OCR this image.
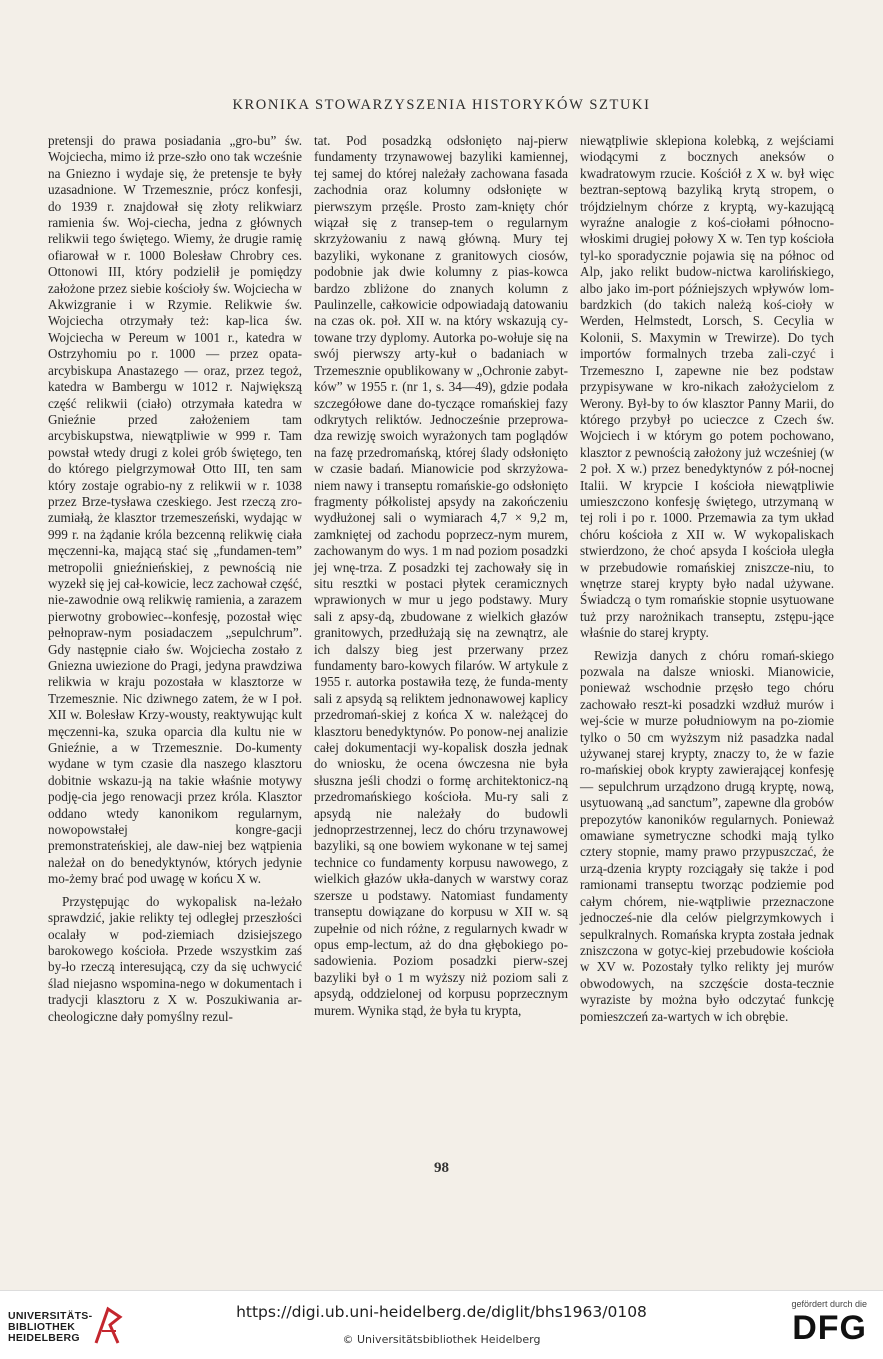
KRONIKA STOWARZYSZENIA HISTORYKÓW SZTUKI

pretensji do prawa posiadania „gro-bu” św. Wojciecha, mimo iż prze-szło ono tak wcześnie na Gniezno i wydaje się, że pretensje te były uzasadnione. W Trzemesznie, prócz konfesji, do 1939 r. znajdował się złoty relikwiarz ramienia św. Woj-ciecha, jedna z głównych relikwii tego świętego. Wiemy, że drugie ramię ofiarował w r. 1000 Bolesław Chrobry ces. Ottonowi III, który podzielił je pomiędzy założone przez siebie kościoły św. Wojciecha w Akwizgranie i w Rzymie. Relikwie św. Wojciecha otrzymały też: kap-lica św. Wojciecha w Pereum w 1001 r., katedra w Ostrzyhomiu po r. 1000 — przez opata-arcybiskupa Anastazego — oraz, przez tegoż, katedra w Bambergu w 1012 r. Największą część relikwii (ciało) otrzymała katedra w Gnieźnie przed założeniem tam arcybiskupstwa, niewątpliwie w 999 r. Tam powstał wtedy drugi z kolei grób świętego, ten do którego pielgrzymował Otto III, ten sam który zostaje ograbio-ny z relikwii w r. 1038 przez Brze-tysława czeskiego. Jest rzeczą zro-zumiałą, że klasztor trzemeszeński, wydając w 999 r. na żądanie króla bezcenną relikwię ciała męczenni-ka, mającą stać się „fundamen-tem” metropolii gnieźnieńskiej, z pewnością nie wyzekł się jej cał-kowicie, lecz zachował część, nie-zawodnie ową relikwię ramienia, a zarazem pierwotny grobowiec--konfesję, pozostał więc pełnopraw-nym posiadaczem „sepulchrum”. Gdy następnie ciało św. Wojciecha zostało z Gniezna uwiezione do Pragi, jedyna prawdziwa relikwia w kraju pozostała w klasztorze w Trzemesznie. Nic dziwnego zatem, że w I poł. XII w. Bolesław Krzy-wousty, reaktywując kult męczenni-ka, szuka oparcia dla kultu nie w Gnieźnie, a w Trzemesznie. Do-kumenty wydane w tym czasie dla naszego klasztoru dobitnie wskazu-ją na takie właśnie motywy podję-cia jego renowacji przez króla. Klasztor oddano wtedy kanonikom regularnym, nowopowstałej kongre-gacji premonstrateńskiej, ale daw-niej bez wątpienia należał on do benedyktynów, których jedynie mo-żemy brać pod uwagę w końcu X w.

Przystępując do wykopalisk na-leżało sprawdzić, jakie relikty tej odległej przeszłości ocalały w pod-ziemiach dzisiejszego barokowego kościoła. Przede wszystkim zaś by-ło rzeczą interesującą, czy da się uchwycić ślad niejasno wspomina-nego w dokumentach i tradycji klasztoru z X w. Poszukiwania ar-cheologiczne dały pomyślny rezul-

tat. Pod posadzką odsłonięto naj-pierw fundamenty trzynawowej bazyliki kamiennej, tej samej do której należały zachowana fasada zachodnia oraz kolumny odsłonięte w pierwszym przęśle. Prosto zam-knięty chór wiązał się z transep-tem o regularnym skrzyżowaniu z nawą główną. Mury tej bazyliki, wykonane z granitowych ciosów, podobnie jak dwie kolumny z pias-kowca bardzo zbliżone do znanych kolumn z Paulinzelle, całkowicie odpowiadają datowaniu na czas ok. poł. XII w. na który wskazują cy-towane trzy dyplomy. Autorka po-wołuje się na swój pierwszy arty-kuł o badaniach w Trzemesznie opublikowany w „Ochronie zabyt-ków” w 1955 r. (nr 1, s. 34—49), gdzie podała szczegółowe dane do-tyczące romańskiej fazy odkrytych reliktów. Jednocześnie przeprowa-dza rewizję swoich wyrażonych tam poglądów na fazę przedromańską, której ślady odsłonięto w czasie badań. Mianowicie pod skrzyżowa-niem nawy i transeptu romańskie-go odsłonięto fragmenty półkolistej apsydy na zakończeniu wydłużonej sali o wymiarach 4,7 × 9,2 m, zamkniętej od zachodu poprzecz-nym murem, zachowanym do wys. 1 m nad poziom posadzki jej wnę-trza. Z posadzki tej zachowały się in situ resztki w postaci płytek ceramicznych wprawionych w mur u jego podstawy. Mury sali z apsy-dą, zbudowane z wielkich głazów granitowych, przedłużają się na zewnątrz, ale ich dalszy bieg jest przerwany przez fundamenty baro-kowych filarów. W artykule z 1955 r. autorka postawiła tezę, że funda-menty sali z apsydą są reliktem jednonawowej kaplicy przedromań-skiej z końca X w. należącej do klasztoru benedyktynów. Po ponow-nej analizie całej dokumentacji wy-kopalisk doszła jednak do wniosku, że ocena ówczesna nie była słuszna jeśli chodzi o formę architektonicz-ną przedromańskiego kościoła. Mu-ry sali z apsydą nie należały do budowli jednoprzestrzennej, lecz do chóru trzynawowej bazyliki, są one bowiem wykonane w tej samej technice co fundamenty korpusu nawowego, z wielkich głazów ukła-danych w warstwy coraz szersze u podstawy. Natomiast fundamenty transeptu dowiązane do korpusu w XII w. są zupełnie od nich różne, z regularnych kwadr w opus emp-lectum, aż do dna głębokiego po-sadowienia. Poziom posadzki pierw-szej bazyliki był o 1 m wyższy niż poziom sali z apsydą, oddzielonej od korpusu poprzecznym murem. Wynika stąd, że była tu krypta,

niewątpliwie sklepiona kolebką, z wejściami wiodącymi z bocznych aneksów o kwadratowym rzucie. Kościół z X w. był więc beztran-septową bazyliką krytą stropem, o trójdzielnym chórze z kryptą, wy-kazującą wyraźne analogie z koś-ciołami północno-włoskimi drugiej połowy X w. Ten typ kościoła tyl-ko sporadycznie pojawia się na północ od Alp, jako relikt budow-nictwa karolińskiego, albo jako im-port późniejszych wpływów lom-bardzkich (do takich należą koś-cioły w Werden, Helmstedt, Lorsch, S. Cecylia w Kolonii, S. Maxymin w Trewirze). Do tych importów formalnych trzeba zali-czyć i Trzemeszno I, zapewne nie bez podstaw przypisywane w kro-nikach założycielom z Werony. Był-by to ów klasztor Panny Marii, do którego przybył po ucieczce z Czech św. Wojciech i w którym go potem pochowano, klasztor z pewnością założony już wcześniej (w 2 poł. X w.) przez benedyktynów z pół-nocnej Italii. W krypcie I kościoła niewątpliwie umieszczono konfesję świętego, utrzymaną w tej roli i po r. 1000. Przemawia za tym układ chóru kościoła z XII w. W wykopaliskach stwierdzono, że choć apsyda I kościoła uległa w przebudowie romańskiej zniszcze-niu, to wnętrze starej krypty było nadal używane. Świadczą o tym romańskie stopnie usytuowane tuż przy narożnikach transeptu, zstępu-jące właśnie do starej krypty.

Rewizja danych z chóru romań-skiego pozwala na dalsze wnioski. Mianowicie, ponieważ wschodnie przęsło tego chóru zachowało reszt-ki posadzki wzdłuż murów i wej-ście w murze południowym na po-ziomie tylko o 50 cm wyższym niż pasadzka nadal używanej starej krypty, znaczy to, że w fazie ro-mańskiej obok krypty zawierającej konfesję — sepulchrum urządzono drugą kryptę, nową, usytuowaną „ad sanctum”, zapewne dla grobów prepozytów kanoników regularnych. Ponieważ omawiane symetryczne schodki mają tylko cztery stopnie, mamy prawo przypuszczać, że urzą-dzenia krypty rozciągały się także i pod ramionami transeptu tworząc podziemie pod całym chórem, nie-wątpliwie przeznaczone jednocześ-nie dla celów pielgrzymkowych i sepulkralnych. Romańska krypta została jednak zniszczona w gotyc-kiej przebudowie kościoła w XV w. Pozostały tylko relikty jej murów obwodowych, na szczęście dosta-tecznie wyraziste by można było odczytać funkcję pomieszczeń za-wartych w ich obrębie.

98
UNIVERSITÄTS-
BIBLIOTHEK
HEIDELBERG
https://digi.ub.uni-heidelberg.de/diglit/bhs1963/0108
© Universitätsbibliothek Heidelberg
gefördert durch die
DFG
